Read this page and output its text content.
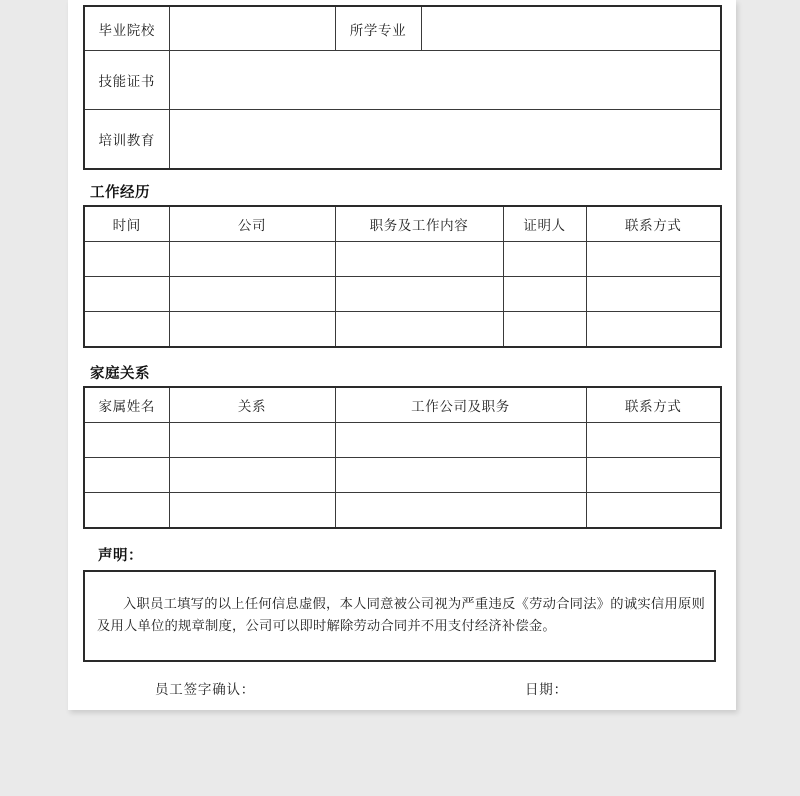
毕业院校		所学专业	
技能证书			
培训教育			
工作经历
时间	公司	职务及工作内容	证明人	联系方式

家庭关系
家属姓名	关系	工作公司及职务	联系方式

声明：
入职员工填写的以上任何信息虚假，本人同意被公司视为严重违反《劳动合同法》的诚实信用原则及用人单位的规章制度，公司可以即时解除劳动合同并不用支付经济补偿金。
员工签字确认：	日期：
